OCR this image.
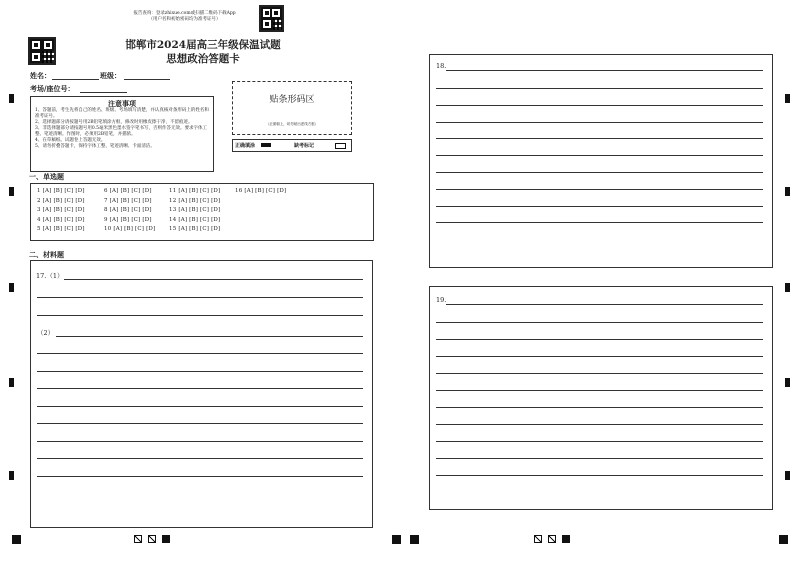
报告查询：登录zhixue.com或扫描二维码下载App
（用户名和初始密码均为准考证号）
邯郸市2024届高三年级保温试题
思想政治答题卡
姓名：	班级：
考场/座位号：
注意事项
1、答题前，考生先将自己的姓名、班级、考场填写清楚，并认真核对条形码上的姓名和准考证号。
2、选择题部分请按题号用2B铅笔填涂方框，修改时用橡皮擦干净，不留痕迹。
3、非选择题部分请按题号用0.5毫米黑色墨水签字笔书写，否则作答无效。要求字体工整、笔迹清晰。作图时，必须用2B铅笔，并描浓。
4、在草稿纸、试题卷上答题无效。
5、请勿折叠答题卡，保持字体工整、笔迹清晰、卡面清洁。
贴条形码区
（正面朝上，切勿贴出虚线方框）
正确填涂	缺考标记
一、单选题
1 [A] [B] [C] [D]
2 [A] [B] [C] [D]
3 [A] [B] [C] [D]
4 [A] [B] [C] [D]
5 [A] [B] [C] [D]
6 [A] [B] [C] [D]
7 [A] [B] [C] [D]
8 [A] [B] [C] [D]
9 [A] [B] [C] [D]
10 [A] [B] [C] [D]
11 [A] [B] [C] [D]
12 [A] [B] [C] [D]
13 [A] [B] [C] [D]
14 [A] [B] [C] [D]
15 [A] [B] [C] [D]
16 [A] [B] [C] [D]
二、材料题
17.（1）
（2）
18.
19.
